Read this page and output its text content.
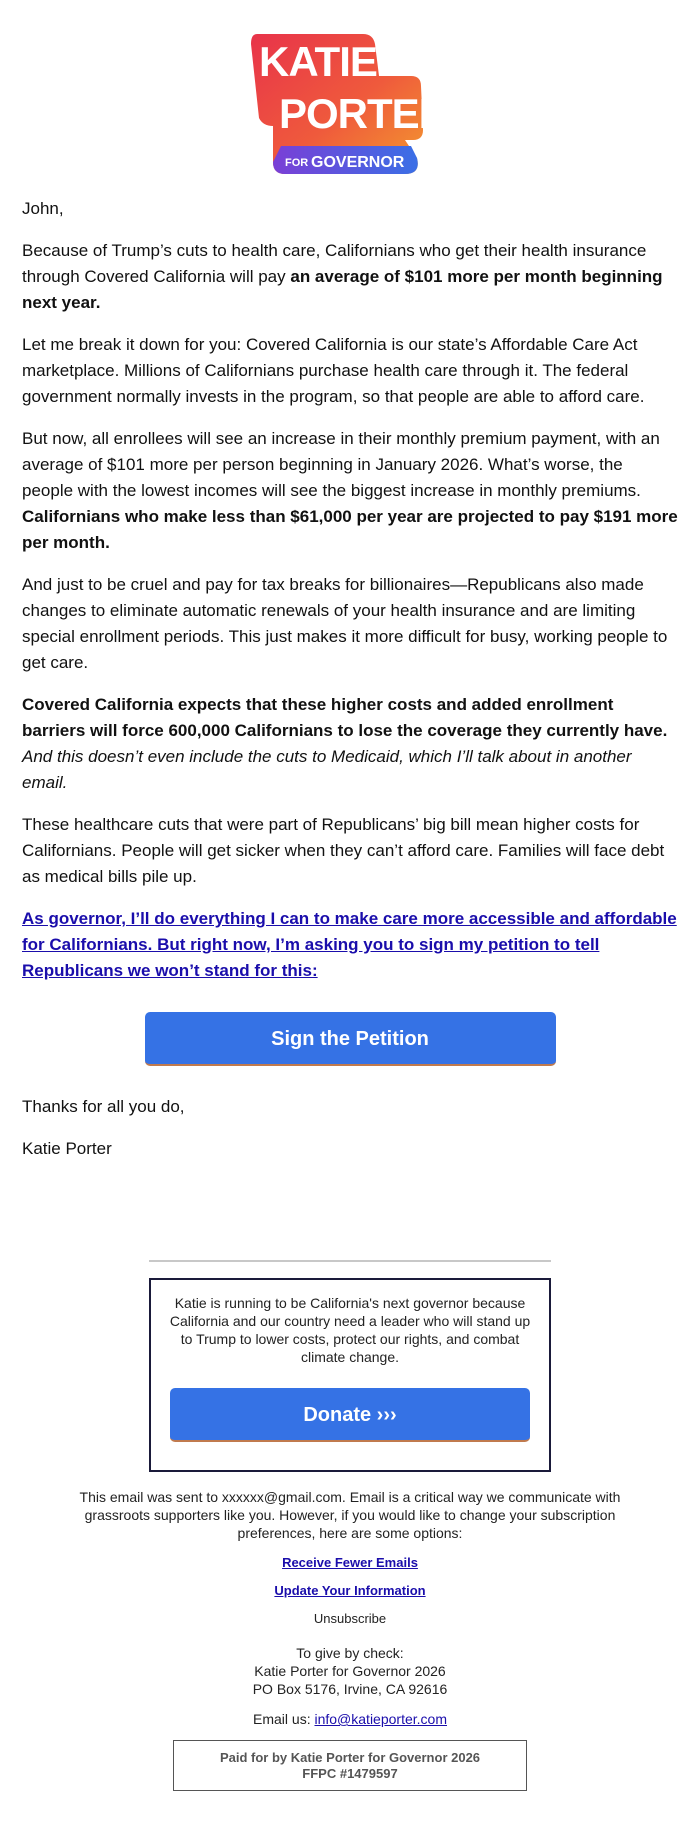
KATIE
PORTER
FOR GOVERNOR

John,

Because of Trump’s cuts to health care, Californians who get their health insurance through Covered California will pay an average of $101 more per month beginning next year.

Let me break it down for you: Covered California is our state’s Affordable Care Act marketplace. Millions of Californians purchase health care through it. The federal government normally invests in the program, so that people are able to afford care.

But now, all enrollees will see an increase in their monthly premium payment, with an average of $101 more per person beginning in January 2026. What’s worse, the people with the lowest incomes will see the biggest increase in monthly premiums. Californians who make less than $61,000 per year are projected to pay $191 more per month.

And just to be cruel and pay for tax breaks for billionaires—Republicans also made changes to eliminate automatic renewals of your health insurance and are limiting special enrollment periods. This just makes it more difficult for busy, working people to get care.

Covered California expects that these higher costs and added enrollment barriers will force 600,000 Californians to lose the coverage they currently have. And this doesn’t even include the cuts to Medicaid, which I’ll talk about in another email.

These healthcare cuts that were part of Republicans’ big bill mean higher costs for Californians. People will get sicker when they can’t afford care. Families will face debt as medical bills pile up.

As governor, I’ll do everything I can to make care more accessible and affordable for Californians. But right now, I’m asking you to sign my petition to tell Republicans we won’t stand for this:
Sign the Petition

Thanks for all you do,

Katie Porter

Katie is running to be California's next governor because California and our country need a leader who will stand up to Trump to lower costs, protect our rights, and combat climate change.

Donate ›››
This email was sent to xxxxxx@gmail.com. Email is a critical way we communicate with grassroots supporters like you. However, if you would like to change your subscription preferences, here are some options:
Receive Fewer Emails
Update Your Information
Unsubscribe
To give by check:
Katie Porter for Governor 2026
PO Box 5176, Irvine, CA 92616
Email us: info@katieporter.com
Paid for by Katie Porter for Governor 2026
FFPC #1479597
